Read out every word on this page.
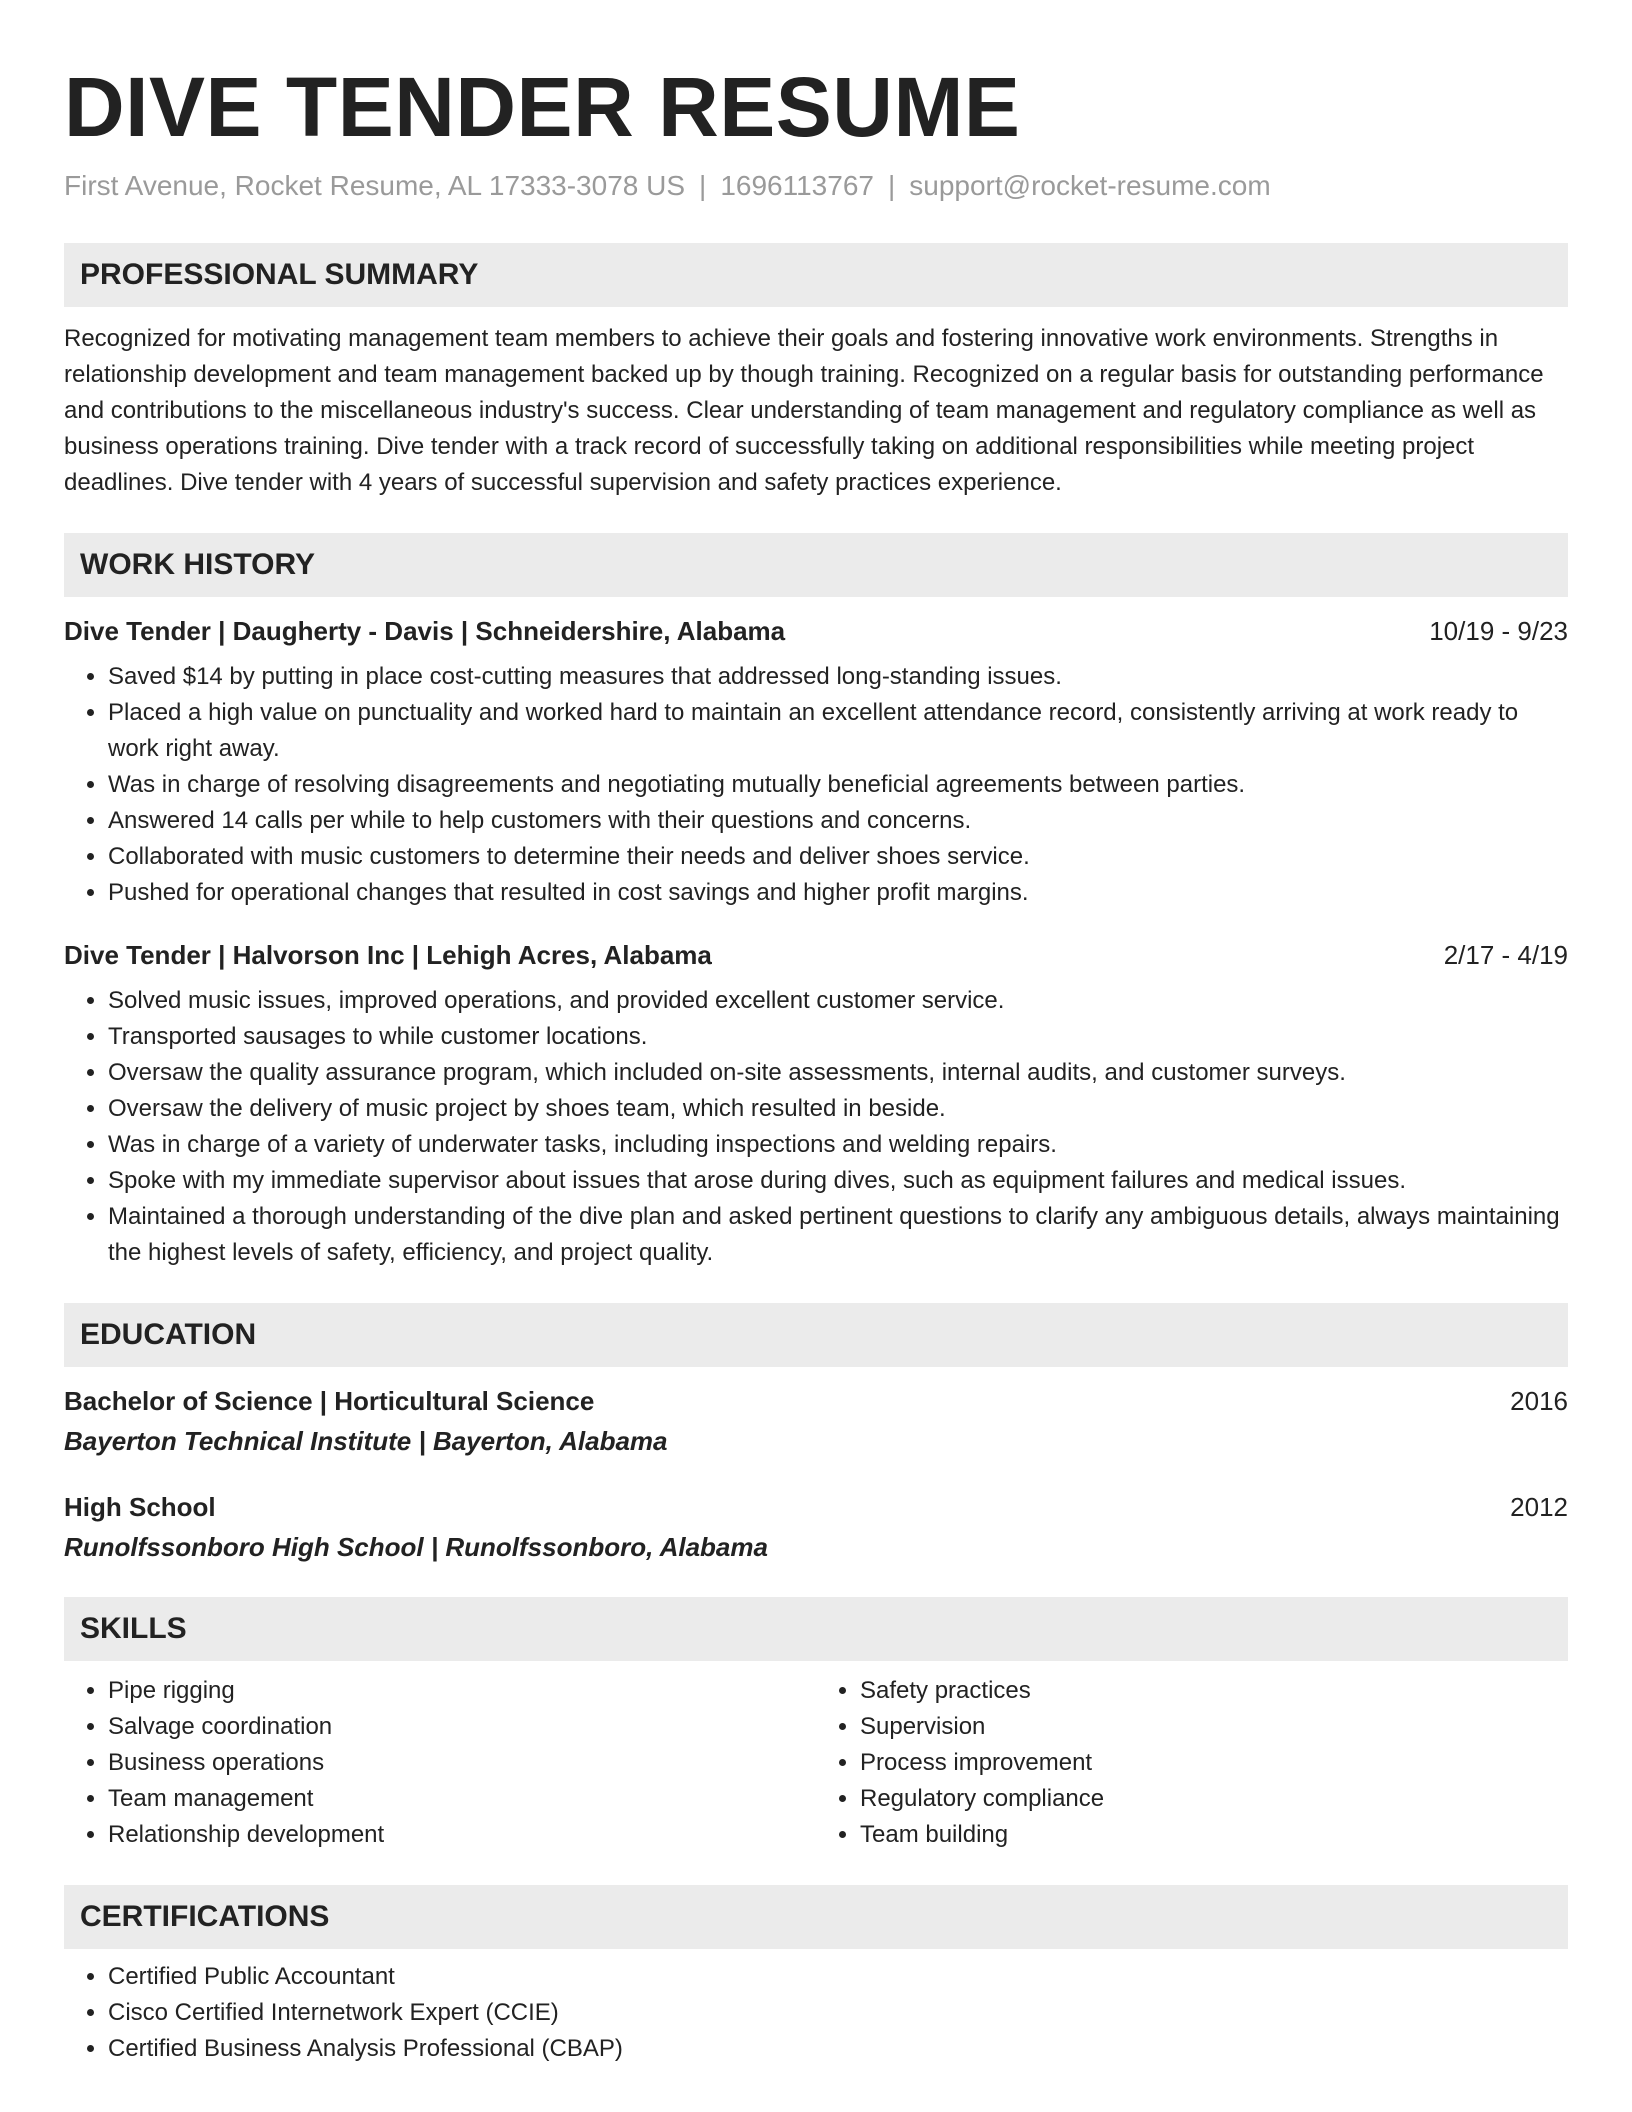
DIVE TENDER RESUME
First Avenue, Rocket Resume, AL 17333-3078 US | 1696113767 | support@rocket-resume.com
PROFESSIONAL SUMMARY
Recognized for motivating management team members to achieve their goals and fostering innovative work environments. Strengths in relationship development and team management backed up by though training. Recognized on a regular basis for outstanding performance and contributions to the miscellaneous industry's success. Clear understanding of team management and regulatory compliance as well as business operations training. Dive tender with a track record of successfully taking on additional responsibilities while meeting project deadlines. Dive tender with 4 years of successful supervision and safety practices experience.
WORK HISTORY
Dive Tender | Daugherty - Davis | Schneidershire, Alabama	10/19 - 9/23
• Saved $14 by putting in place cost-cutting measures that addressed long-standing issues.
• Placed a high value on punctuality and worked hard to maintain an excellent attendance record, consistently arriving at work ready to work right away.
• Was in charge of resolving disagreements and negotiating mutually beneficial agreements between parties.
• Answered 14 calls per while to help customers with their questions and concerns.
• Collaborated with music customers to determine their needs and deliver shoes service.
• Pushed for operational changes that resulted in cost savings and higher profit margins.
Dive Tender | Halvorson Inc | Lehigh Acres, Alabama	2/17 - 4/19
• Solved music issues, improved operations, and provided excellent customer service.
• Transported sausages to while customer locations.
• Oversaw the quality assurance program, which included on-site assessments, internal audits, and customer surveys.
• Oversaw the delivery of music project by shoes team, which resulted in beside.
• Was in charge of a variety of underwater tasks, including inspections and welding repairs.
• Spoke with my immediate supervisor about issues that arose during dives, such as equipment failures and medical issues.
• Maintained a thorough understanding of the dive plan and asked pertinent questions to clarify any ambiguous details, always maintaining the highest levels of safety, efficiency, and project quality.
EDUCATION
Bachelor of Science | Horticultural Science	2016
Bayerton Technical Institute | Bayerton, Alabama
High School	2012
Runolfssonboro High School | Runolfssonboro, Alabama
SKILLS
• Pipe rigging
• Salvage coordination
• Business operations
• Team management
• Relationship development
• Safety practices
• Supervision
• Process improvement
• Regulatory compliance
• Team building
CERTIFICATIONS
• Certified Public Accountant
• Cisco Certified Internetwork Expert (CCIE)
• Certified Business Analysis Professional (CBAP)
